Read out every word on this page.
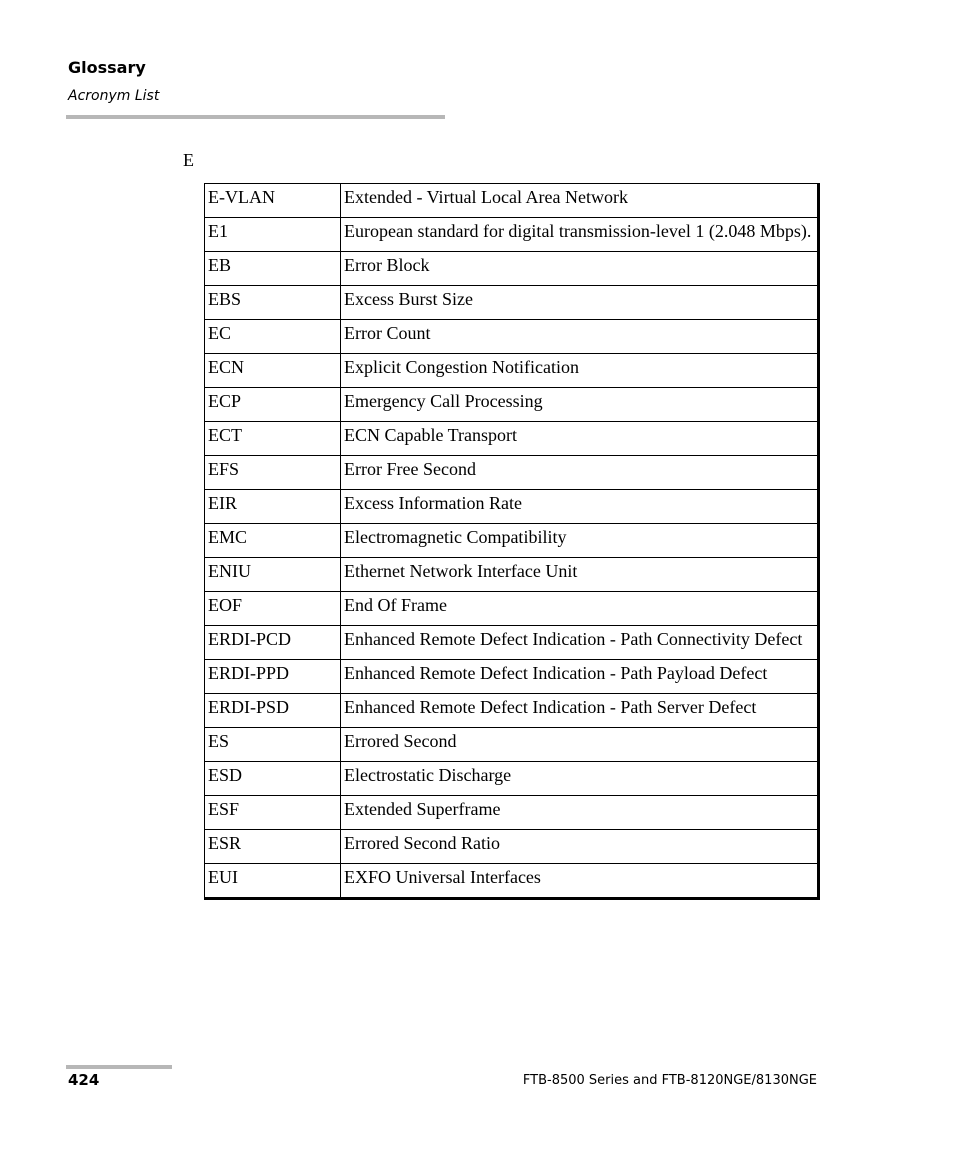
Glossary
Acronym List
E
E-VLAN	Extended - Virtual Local Area Network
E1	European standard for digital transmission-level 1 (2.048 Mbps).
EB	Error Block
EBS	Excess Burst Size
EC	Error Count
ECN	Explicit Congestion Notification
ECP	Emergency Call Processing
ECT	ECN Capable Transport
EFS	Error Free Second
EIR	Excess Information Rate
EMC	Electromagnetic Compatibility
ENIU	Ethernet Network Interface Unit
EOF	End Of Frame
ERDI-PCD	Enhanced Remote Defect Indication - Path Connectivity Defect
ERDI-PPD	Enhanced Remote Defect Indication - Path Payload Defect
ERDI-PSD	Enhanced Remote Defect Indication - Path Server Defect
ES	Errored Second
ESD	Electrostatic Discharge
ESF	Extended Superframe
ESR	Errored Second Ratio
EUI	EXFO Universal Interfaces
424	FTB-8500 Series and FTB-8120NGE/8130NGE
